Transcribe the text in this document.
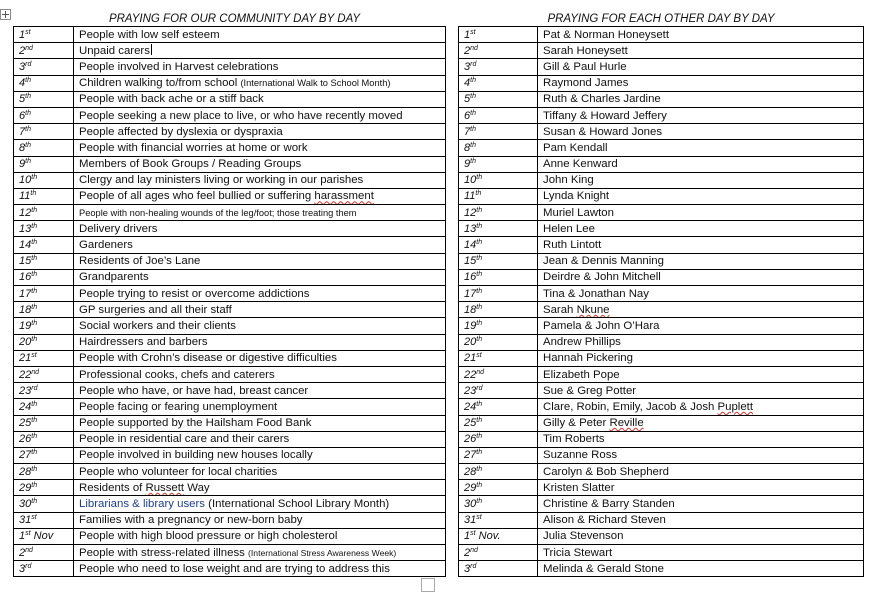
PRAYING FOR OUR COMMUNITY DAY BY DAY
1st	People with low self esteem
2nd	Unpaid carers
3rd	People involved in Harvest celebrations
4th	Children walking to/from school (International Walk to School Month)
5th	People with back ache or a stiff back
6th	People seeking a new place to live, or who have recently moved
7th	People affected by dyslexia or dyspraxia
8th	People with financial worries at home or work
9th	Members of Book Groups / Reading Groups
10th	Clergy and lay ministers living or working in our parishes
11th	People of all ages who feel bullied or suffering harassment
12th	People with non-healing wounds of the leg/foot; those treating them
13th	Delivery drivers
14th	Gardeners
15th	Residents of Joe’s Lane
16th	Grandparents
17th	People trying to resist or overcome addictions
18th	GP surgeries and all their staff
19th	Social workers and their clients
20th	Hairdressers and barbers
21st	People with Crohn’s disease or digestive difficulties
22nd	Professional cooks, chefs and caterers
23rd	People who have, or have had, breast cancer
24th	People facing or fearing unemployment
25th	People supported by the Hailsham Food Bank
26th	People in residential care and their carers
27th	People involved in building new houses locally
28th	People who volunteer for local charities
29th	Residents of Russett Way
30th	Librarians & library users (International School Library Month)
31st	Families with a pregnancy or new-born baby
1st Nov	People with high blood pressure or high cholesterol
2nd	People with stress-related illness (International Stress Awareness Week)
3rd	People who need to lose weight and are trying to address this
PRAYING FOR EACH OTHER DAY BY DAY
1st	Pat & Norman Honeysett
2nd	Sarah Honeysett
3rd	Gill & Paul Hurle
4th	Raymond James
5th	Ruth & Charles Jardine
6th	Tiffany & Howard Jeffery
7th	Susan & Howard Jones
8th	Pam Kendall
9th	Anne Kenward
10th	John King
11th	Lynda Knight
12th	Muriel Lawton
13th	Helen Lee
14th	Ruth Lintott
15th	Jean & Dennis Manning
16th	Deirdre & John Mitchell
17th	Tina & Jonathan Nay
18th	Sarah Nkune
19th	Pamela & John O’Hara
20th	Andrew Phillips
21st	Hannah Pickering
22nd	Elizabeth Pope
23rd	Sue & Greg Potter
24th	Clare, Robin, Emily, Jacob & Josh Puplett
25th	Gilly & Peter Reville
26th	Tim Roberts
27th	Suzanne Ross
28th	Carolyn & Bob Shepherd
29th	Kristen Slatter
30th	Christine & Barry Standen
31st	Alison & Richard Steven
1st Nov.	Julia Stevenson
2nd	Tricia Stewart
3rd	Melinda & Gerald Stone
